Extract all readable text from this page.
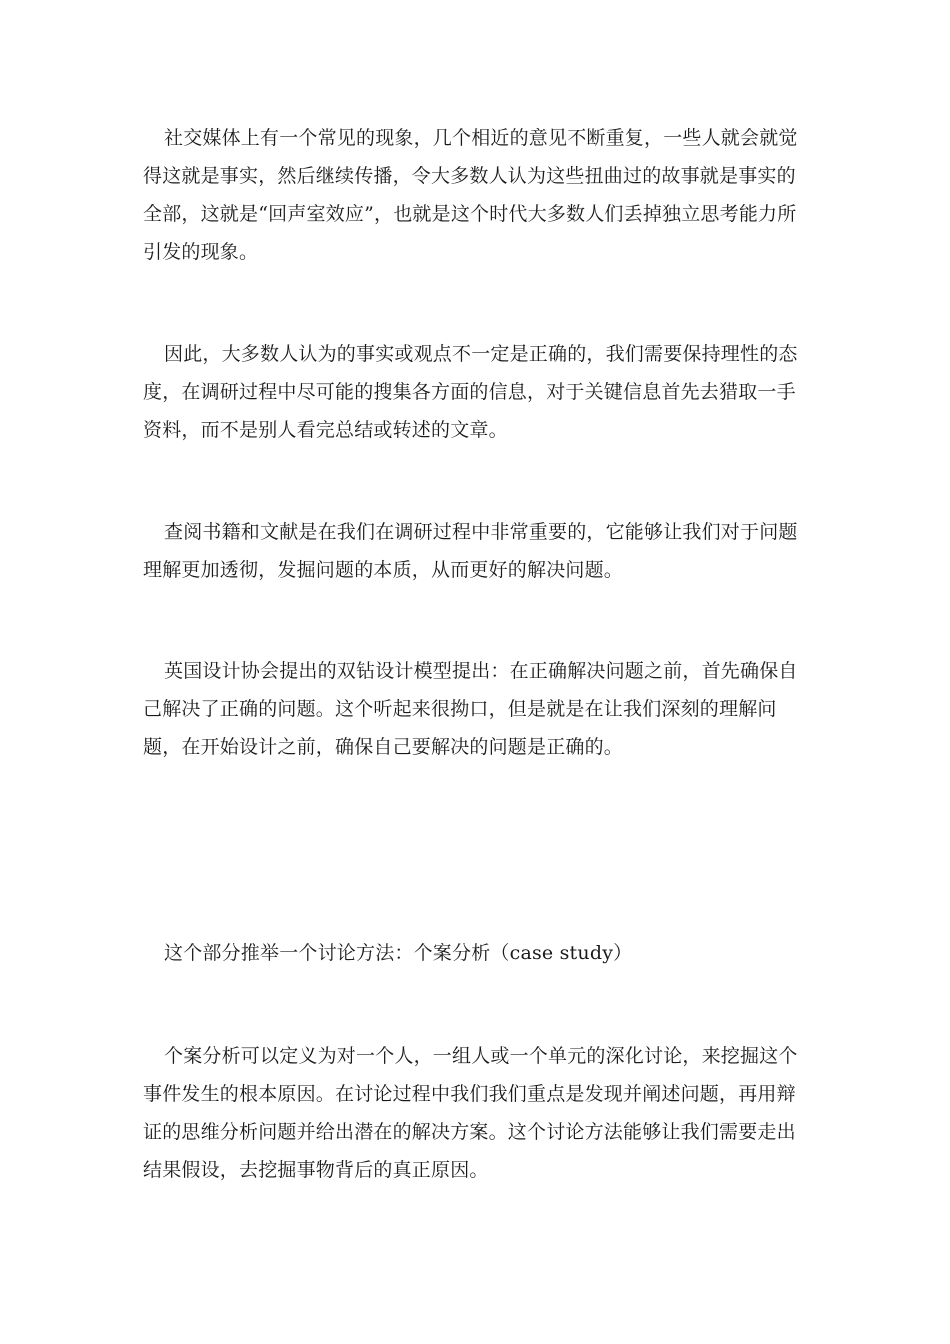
社交媒体上有一个常见的现象，几个相近的意见不断重复，一些人就会就觉得这就是事实，然后继续传播，令大多数人认为这些扭曲过的故事就是事实的全部，这就是“回声室效应”，也就是这个时代大多数人们丢掉独立思考能力所引发的现象。

因此，大多数人认为的事实或观点不一定是正确的，我们需要保持理性的态度，在调研过程中尽可能的搜集各方面的信息，对于关键信息首先去猎取一手资料，而不是别人看完总结或转述的文章。

查阅书籍和文献是在我们在调研过程中非常重要的，它能够让我们对于问题理解更加透彻，发掘问题的本质，从而更好的解决问题。

英国设计协会提出的双钻设计模型提出：在正确解决问题之前，首先确保自己解决了正确的问题。这个听起来很拗口，但是就是在让我们深刻的理解问题，在开始设计之前，确保自己要解决的问题是正确的。

这个部分推举一个讨论方法：个案分析（case study）

个案分析可以定义为对一个人，一组人或一个单元的深化讨论，来挖掘这个事件发生的根本原因。在讨论过程中我们我们重点是发现并阐述问题，再用辩证的思维分析问题并给出潜在的解决方案。这个讨论方法能够让我们需要走出结果假设，去挖掘事物背后的真正原因。
